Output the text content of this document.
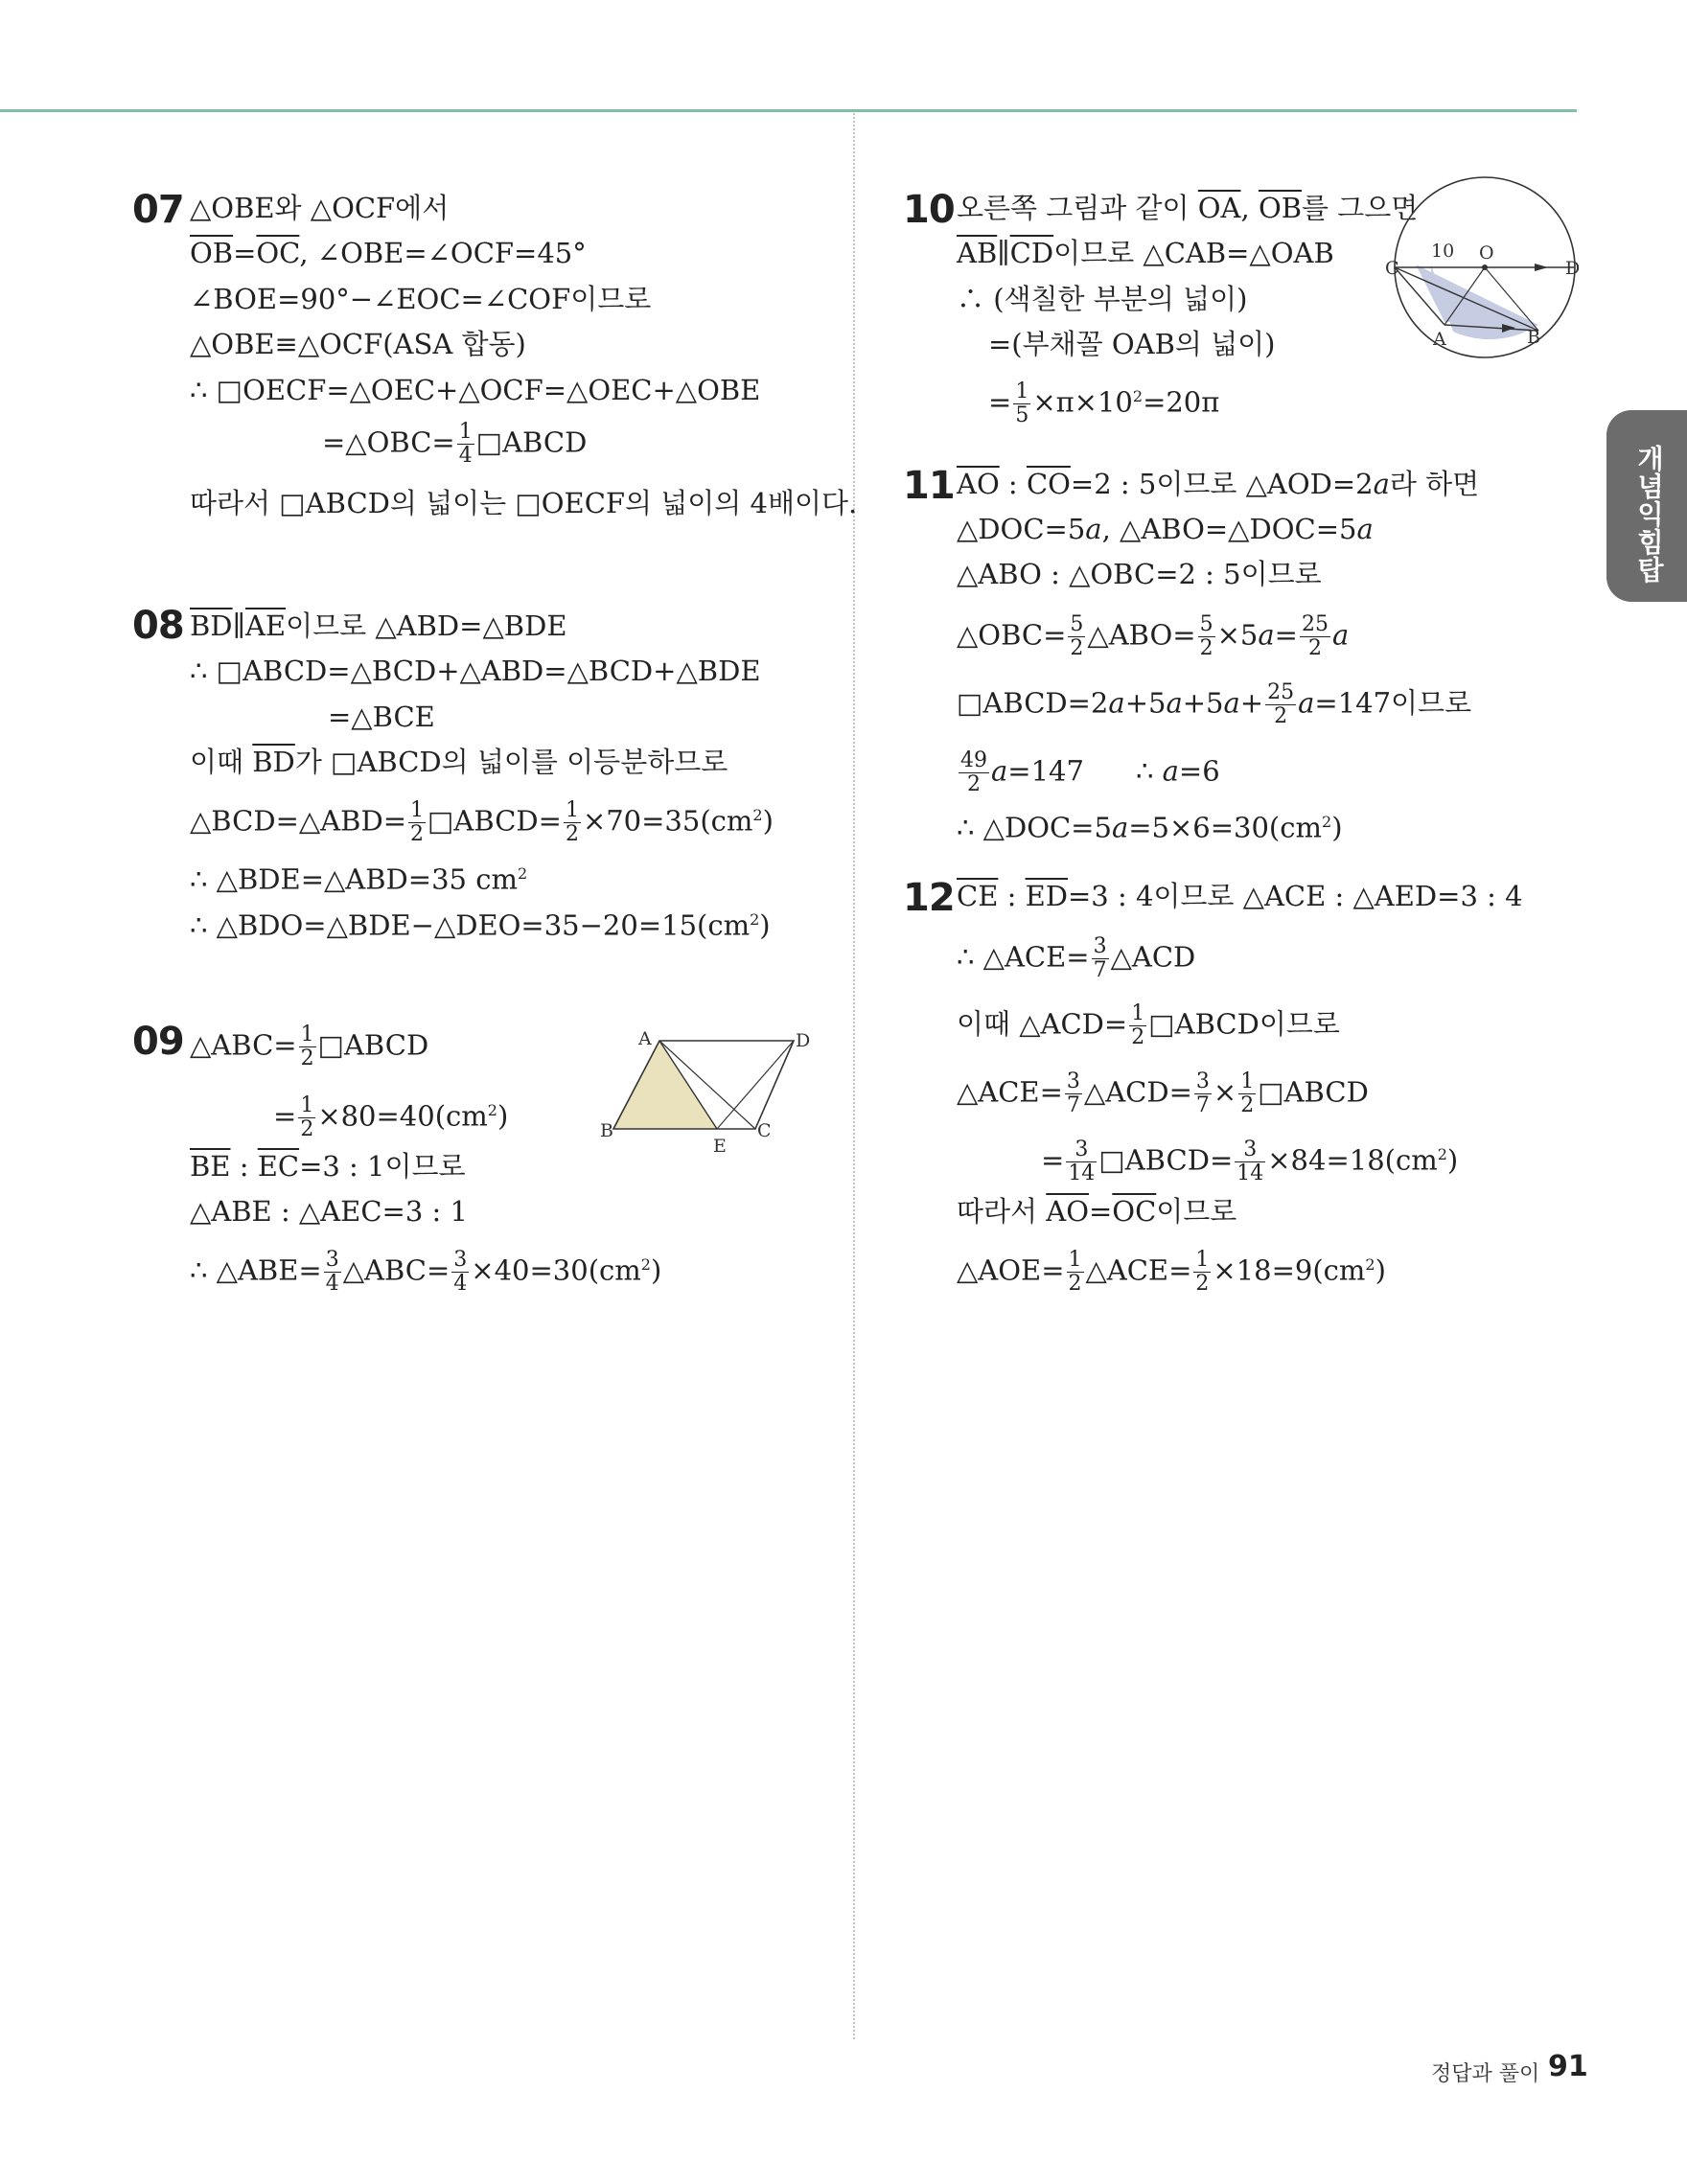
개념익힘탑
07 △OBE와 △OCF에서
$\overline{OB}=\overline{OC}$, ∠OBE=∠OCF=45°
∠BOE=90°−∠EOC=∠COF이므로
△OBE≡△OCF(ASA 합동)
∴ □OECF=△OEC+△OCF=△OEC+△OBE
=△OBC= $\frac{1}{4}$ □ABCD
따라서 □ABCD의 넓이는 □OECF의 넓이의 4배이다.
08 $\overline{BD}\parallel\overline{AE}$이므로 △ABD=△BDE
∴ □ABCD=△BCD+△ABD=△BCD+△BDE
=△BCE
이때 $\overline{BD}$가 □ABCD의 넓이를 이등분하므로
△BCD=△ABD= $\frac{1}{2}$ □ABCD= $\frac{1}{2} \times 70=35(cm^2)$
∴ △BDE=△ABD=35 $cm^2$
∴ $\triangle BDO=\triangle BDE-\triangle DEO=35-20=15(cm^2)$
09 △ABC= $\frac{1}{2}$ □ABCD
= $\frac{1}{2} \times 80=40(cm^2)$
$\overline{BE}$ : $\overline{EC}=3$ : 1이므로
△ABE : △AEC=3 : 1
∴ △ABE= $\frac{3}{4}$ △ABC= $\frac{3}{4} \times 40=30(cm^2)$
A	D
B
E
C
10 오른쪽 그림과 같이 $\overline{OA}$, $\overline{OB}$를 그으면
$\overline{AB}\parallel\overline{CD}$이므로 △CAB=△OAB
∴ (색칠한 부분의 넓이)
=(부채꼴 OAB의 넓이)
= $\frac{1}{5} \times\pi\times 10^2=20\pi$
C	D
O
10
A	B
11 $\overline{AO}$ : $\overline{CO}=2$ : 5이므로 △AOD=2a라 하면
△DOC=5a, △ABO=△DOC=5a
△ABO : △OBC=2 : 5이므로
△OBC= $\frac{5}{2}$ △ABO= $\frac{5}{2} \times 5a= \frac{25}{2}$ a
□ABCD=2a+5a+5a+ $\frac{25}{2} a=147$이므로
$\frac{49}{2} a=147$ ∴ a=6
∴ $\triangle DOC=5a=5\times 6=30(cm^2)$
12 $\overline{CE}$ : $\overline{ED}=3$ : 4이므로 △ACE : △AED=3 : 4
∴ △ACE= $\frac{3}{7}$ △ACD
이때 △ACD= $\frac{1}{2}$ □ABCD이므로
△ACE= $\frac{3}{7}$ △ACD= $\frac{3}{7} \times \frac{1}{2}$ □ABCD
= $\frac{3}{14}$ □ABCD= $\frac{3}{14} \times 84=18(cm^2)$
따라서 $\overline{AO}=\overline{OC}$이므로
△AOE= $\frac{1}{2}$ △ACE= $\frac{1}{2} \times 18=9(cm^2)$
정답과 풀이 91
